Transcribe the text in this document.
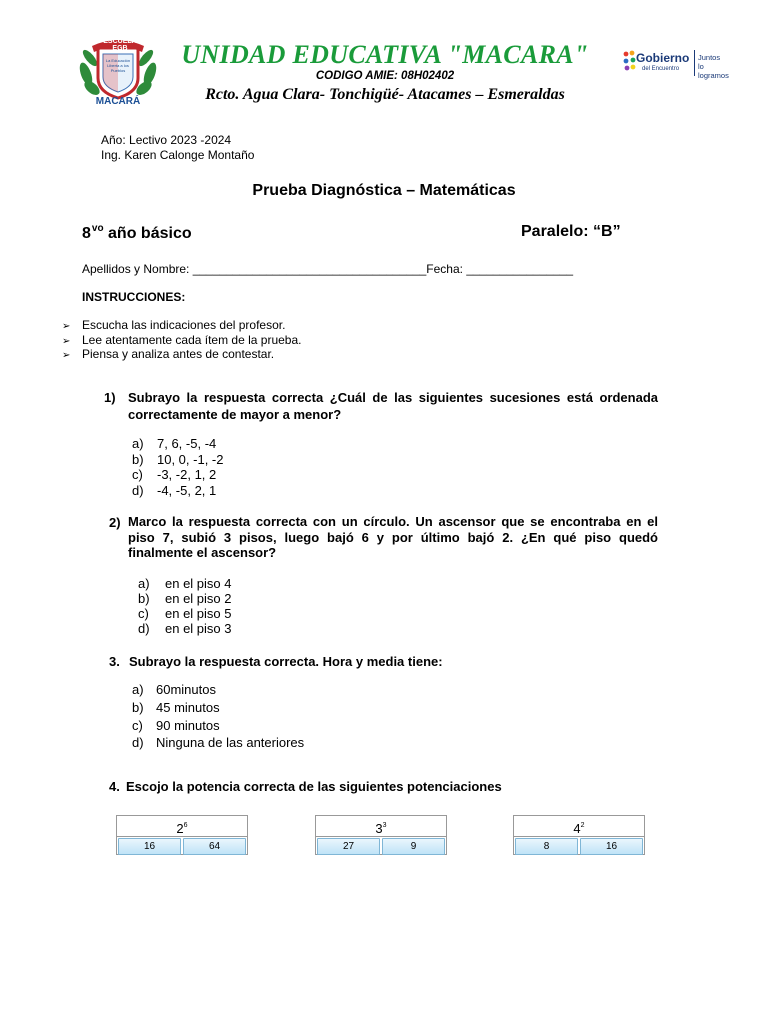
ESCUELA EGB
La Educación Liberta a los Pueblos
MACARÁ
UNIDAD EDUCATIVA "MACARA"
CODIGO AMIE: 08H02402
Rcto. Agua Clara- Tonchigüé- Atacames – Esmeraldas
Gobierno
del Encuentro
Juntos
lo logramos
Año: Lectivo 2023 -2024
Ing. Karen Calonge Montaño
Prueba Diagnóstica – Matemáticas
$8^{vo}$ año básico	Paralelo: “B”
Apellidos y Nombre: ___________________________________Fecha: ________________
INSTRUCCIONES:
➢ Escucha las indicaciones del profesor.
➢ Lee atentamente cada ítem de la prueba.
➢ Piensa y analiza antes de contestar.
1) Subrayo la respuesta correcta ¿Cuál de las siguientes sucesiones está ordenada correctamente de mayor a menor?
a) 7, 6, -5, -4
b) 10, 0, -1, -2
c) -3, -2, 1, 2
d) -4, -5, 2, 1
2) Marco la respuesta correcta con un círculo. Un ascensor que se encontraba en el piso 7, subió 3 pisos, luego bajó 6 y por último bajó 2. ¿En qué piso quedó finalmente el ascensor?
a) en el piso 4
b) en el piso 2
c) en el piso 5
d) en el piso 3
3. Subrayo la respuesta correcta. Hora y media tiene:
a) 60minutos
b) 45 minutos
c) 90 minutos
d) Ninguna de las anteriores
4. Escojo la potencia correcta de las siguientes potenciaciones
$2^6$
16	64
$3^3$
27	9
$4^2$
8	16
